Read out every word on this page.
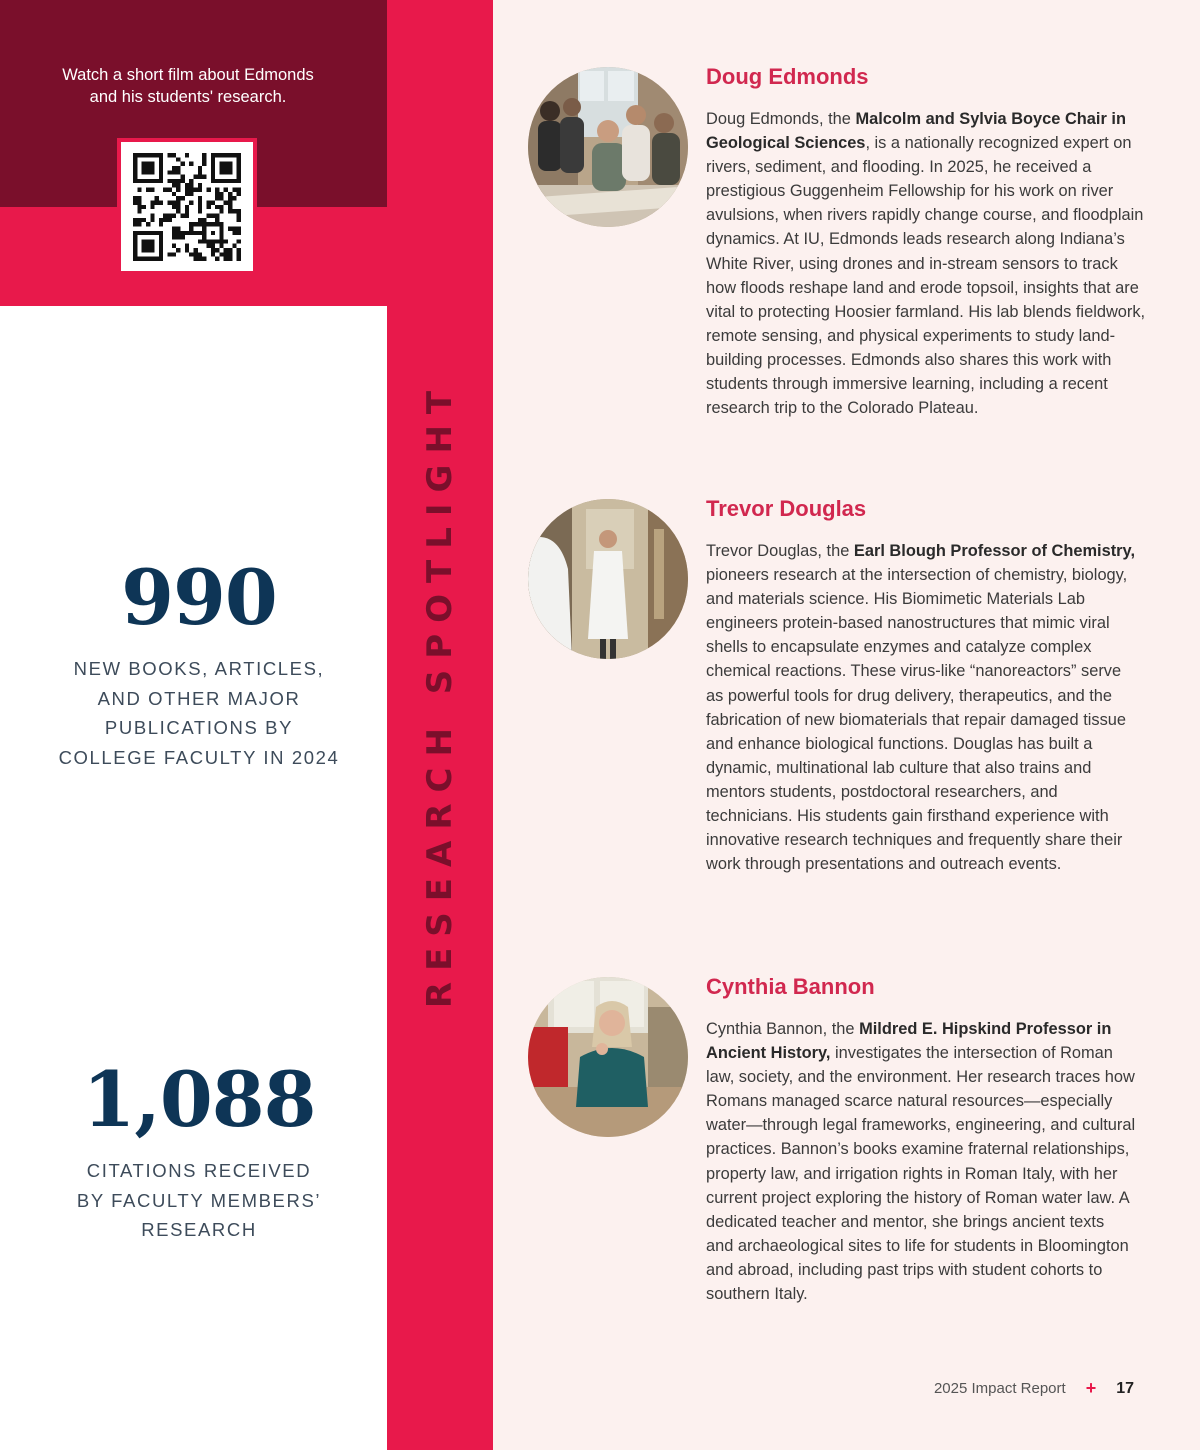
Watch a short film about Edmonds
and his students' research.
990
NEW BOOKS, ARTICLES,
AND OTHER MAJOR
PUBLICATIONS BY
COLLEGE FACULTY IN 2024
1,088
CITATIONS RECEIVED
BY FACULTY MEMBERS’
RESEARCH
RESEARCH SPOTLIGHT
Doug Edmonds
Doug Edmonds, the Malcolm and Sylvia Boyce Chair in Geological Sciences, is a nationally recognized expert on rivers, sediment, and flooding. In 2025, he received a prestigious Guggenheim Fellowship for his work on river avulsions, when rivers rapidly change course, and floodplain dynamics. At IU, Edmonds leads research along Indiana’s White River, using drones and in-stream sensors to track how floods reshape land and erode topsoil, insights that are vital to protecting Hoosier farmland. His lab blends fieldwork, remote sensing, and physical experiments to study land-building processes. Edmonds also shares this work with students through immersive learning, including a recent research trip to the Colorado Plateau.
Trevor Douglas
Trevor Douglas, the Earl Blough Professor of Chemistry, pioneers research at the intersection of chemistry, biology, and materials science. His Biomimetic Materials Lab engineers protein-based nanostructures that mimic viral shells to encapsulate enzymes and catalyze complex chemical reactions. These virus-like “nanoreactors” serve as powerful tools for drug delivery, therapeutics, and the fabrication of new biomaterials that repair damaged tissue and enhance biological functions. Douglas has built a dynamic, multinational lab culture that also trains and mentors students, postdoctoral researchers, and technicians. His students gain firsthand experience with innovative research techniques and frequently share their work through presentations and outreach events.
Cynthia Bannon
Cynthia Bannon, the Mildred E. Hipskind Professor in Ancient History, investigates the intersection of Roman law, society, and the environment. Her research traces how Romans managed scarce natural resources—especially water—through legal frameworks, engineering, and cultural practices. Bannon’s books examine fraternal relationships, property law, and irrigation rights in Roman Italy, with her current project exploring the history of Roman water law. A dedicated teacher and mentor, she brings ancient texts and archaeological sites to life for students in Bloomington and abroad, including past trips with student cohorts to southern Italy.
2025 Impact Report + 17
